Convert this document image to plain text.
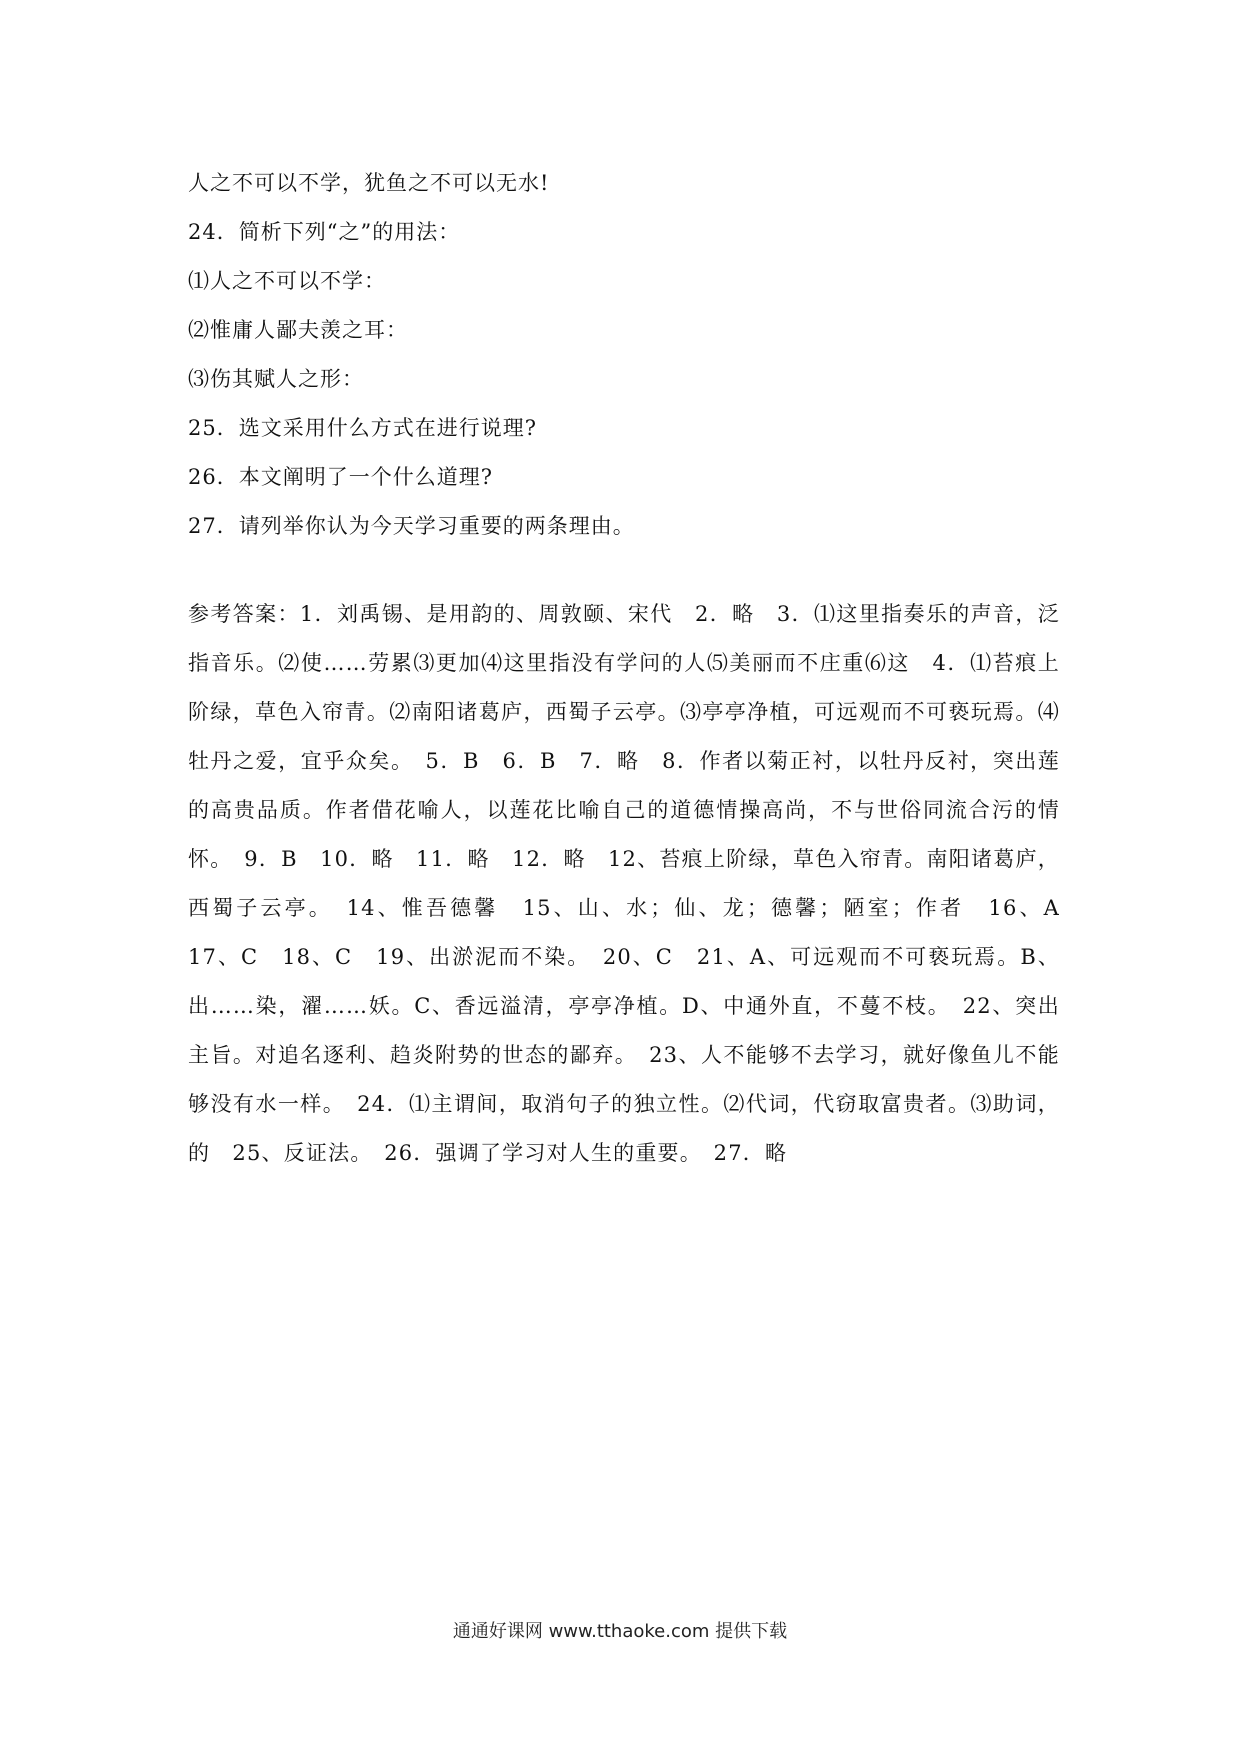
人之不可以不学，犹鱼之不可以无水!
24．简析下列“之”的用法：
⑴人之不可以不学：
⑵惟庸人鄙夫羡之耳：
⑶伤其赋人之形：
25．选文采用什么方式在进行说理?
26．本文阐明了一个什么道理?
27．请列举你认为今天学习重要的两条理由。
参考答案：1．刘禹锡、是用韵的、周敦颐、宋代　2．略　3．⑴这里指奏乐的声音，泛指音乐。⑵使……劳累⑶更加⑷这里指没有学问的人⑸美丽而不庄重⑹这　4．⑴苔痕上阶绿，草色入帘青。⑵南阳诸葛庐，西蜀子云亭。⑶亭亭净植，可远观而不可亵玩焉。⑷牡丹之爱，宜乎众矣。　5．B　6．B　7．略　8．作者以菊正衬，以牡丹反衬，突出莲的高贵品质。作者借花喻人，以莲花比喻自己的道德情操高尚，不与世俗同流合污的情怀。　9．B　10．略　11．略　12．略　12、苔痕上阶绿，草色入帘青。南阳诸葛庐，西蜀子云亭。　14、惟吾德馨　15、山、水；仙、龙；德馨；陋室；作者　16、A　17、C　18、C　19、出淤泥而不染。　20、C　21、A、可远观而不可亵玩焉。B、出……染，濯……妖。C、香远溢清，亭亭净植。D、中通外直，不蔓不枝。　22、突出主旨。对追名逐利、趋炎附势的世态的鄙弃。　23、人不能够不去学习，就好像鱼儿不能够没有水一样。　24．⑴主谓间，取消句子的独立性。⑵代词，代窃取富贵者。⑶助词，的　25、反证法。　26．强调了学习对人生的重要。　27．略
通通好课网 www.tthaoke.com 提供下载
